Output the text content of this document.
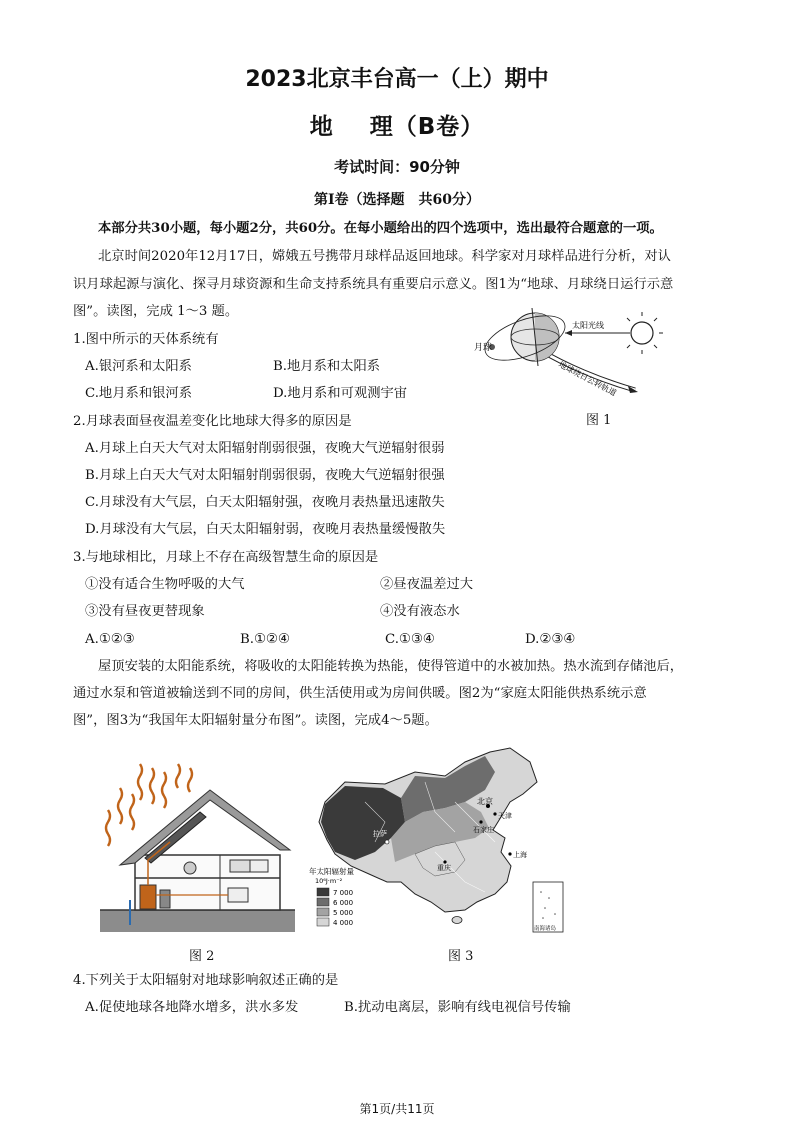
2023北京丰台高一（上）期中
地    理（B卷）
考试时间：90分钟
第Ⅰ卷（选择题　共60分）
本部分共30小题，每小题2分，共60分。在每小题给出的四个选项中，选出最符合题意的一项。
北京时间2020年12月17日，嫦娥五号携带月球样品返回地球。科学家对月球样品进行分析，对认
识月球起源与演化、探寻月球资源和生命支持系统具有重要启示意义。图1为“地球、月球绕日运行示意
图”。读图，完成 1～3 题。
1.图中所示的天体系统有
A.银河系和太阳系	B.地月系和太阳系
C.地月系和银河系	D.地月系和可观测宇宙
月球
太阳光线
地球绕日公转轨道
图 1
2.月球表面昼夜温差变化比地球大得多的原因是
A.月球上白天大气对太阳辐射削弱很强，夜晚大气逆辐射很弱
B.月球上白天大气对太阳辐射削弱很弱，夜晚大气逆辐射很强
C.月球没有大气层，白天太阳辐射强，夜晚月表热量迅速散失
D.月球没有大气层，白天太阳辐射弱，夜晚月表热量缓慢散失
3.与地球相比，月球上不存在高级智慧生命的原因是
①没有适合生物呼吸的大气	②昼夜温差过大
③没有昼夜更替现象	④没有液态水
A.①②③	B.①②④	C.①③④	D.②③④
屋顶安装的太阳能系统，将吸收的太阳能转换为热能，使得管道中的水被加热。热水流到存储池后，
通过水泵和管道被输送到不同的房间，供生活使用或为房间供暖。图2为“家庭太阳能供热系统示意
图”，图3为“我国年太阳辐射量分布图”。读图，完成4～5题。
图 2
北京
天津
石家庄
拉萨
上海
重庆
年太阳辐射量
10⁶J·m⁻²
7 000
6 000
5 000
4 000
南海诸岛
图 3
4.下列关于太阳辐射对地球影响叙述正确的是
A.促使地球各地降水增多，洪水多发	B.扰动电离层，影响有线电视信号传输
第1页/共11页
